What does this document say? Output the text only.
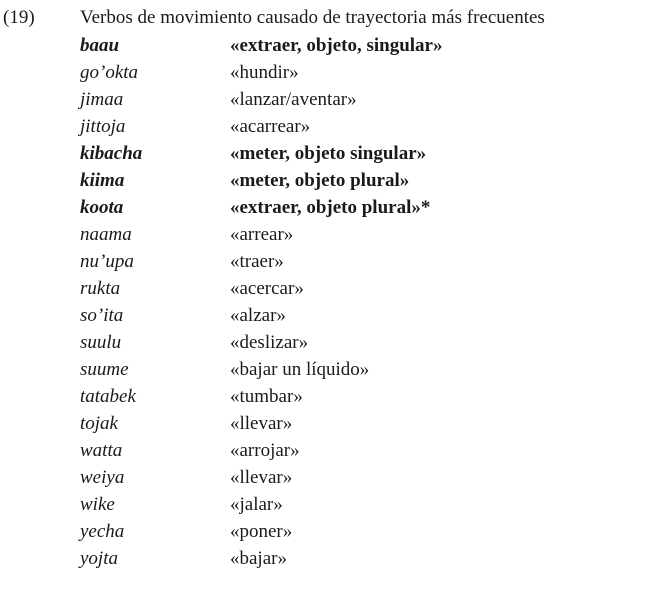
(19) Verbos de movimiento causado de trayectoria más frecuentes
baau	«extraer, objeto, singular»
go’okta	«hundir»
jimaa	«lanzar/aventar»
jittoja	«acarrear»
kibacha	«meter, objeto singular»
kiima	«meter, objeto plural»
koota	«extraer, objeto plural»*
naama	«arrear»
nu’upa	«traer»
rukta	«acercar»
so’ita	«alzar»
suulu	«deslizar»
suume	«bajar un líquido»
tatabek	«tumbar»
tojak	«llevar»
watta	«arrojar»
weiya	«llevar»
wike	«jalar»
yecha	«poner»
yojta	«bajar»
